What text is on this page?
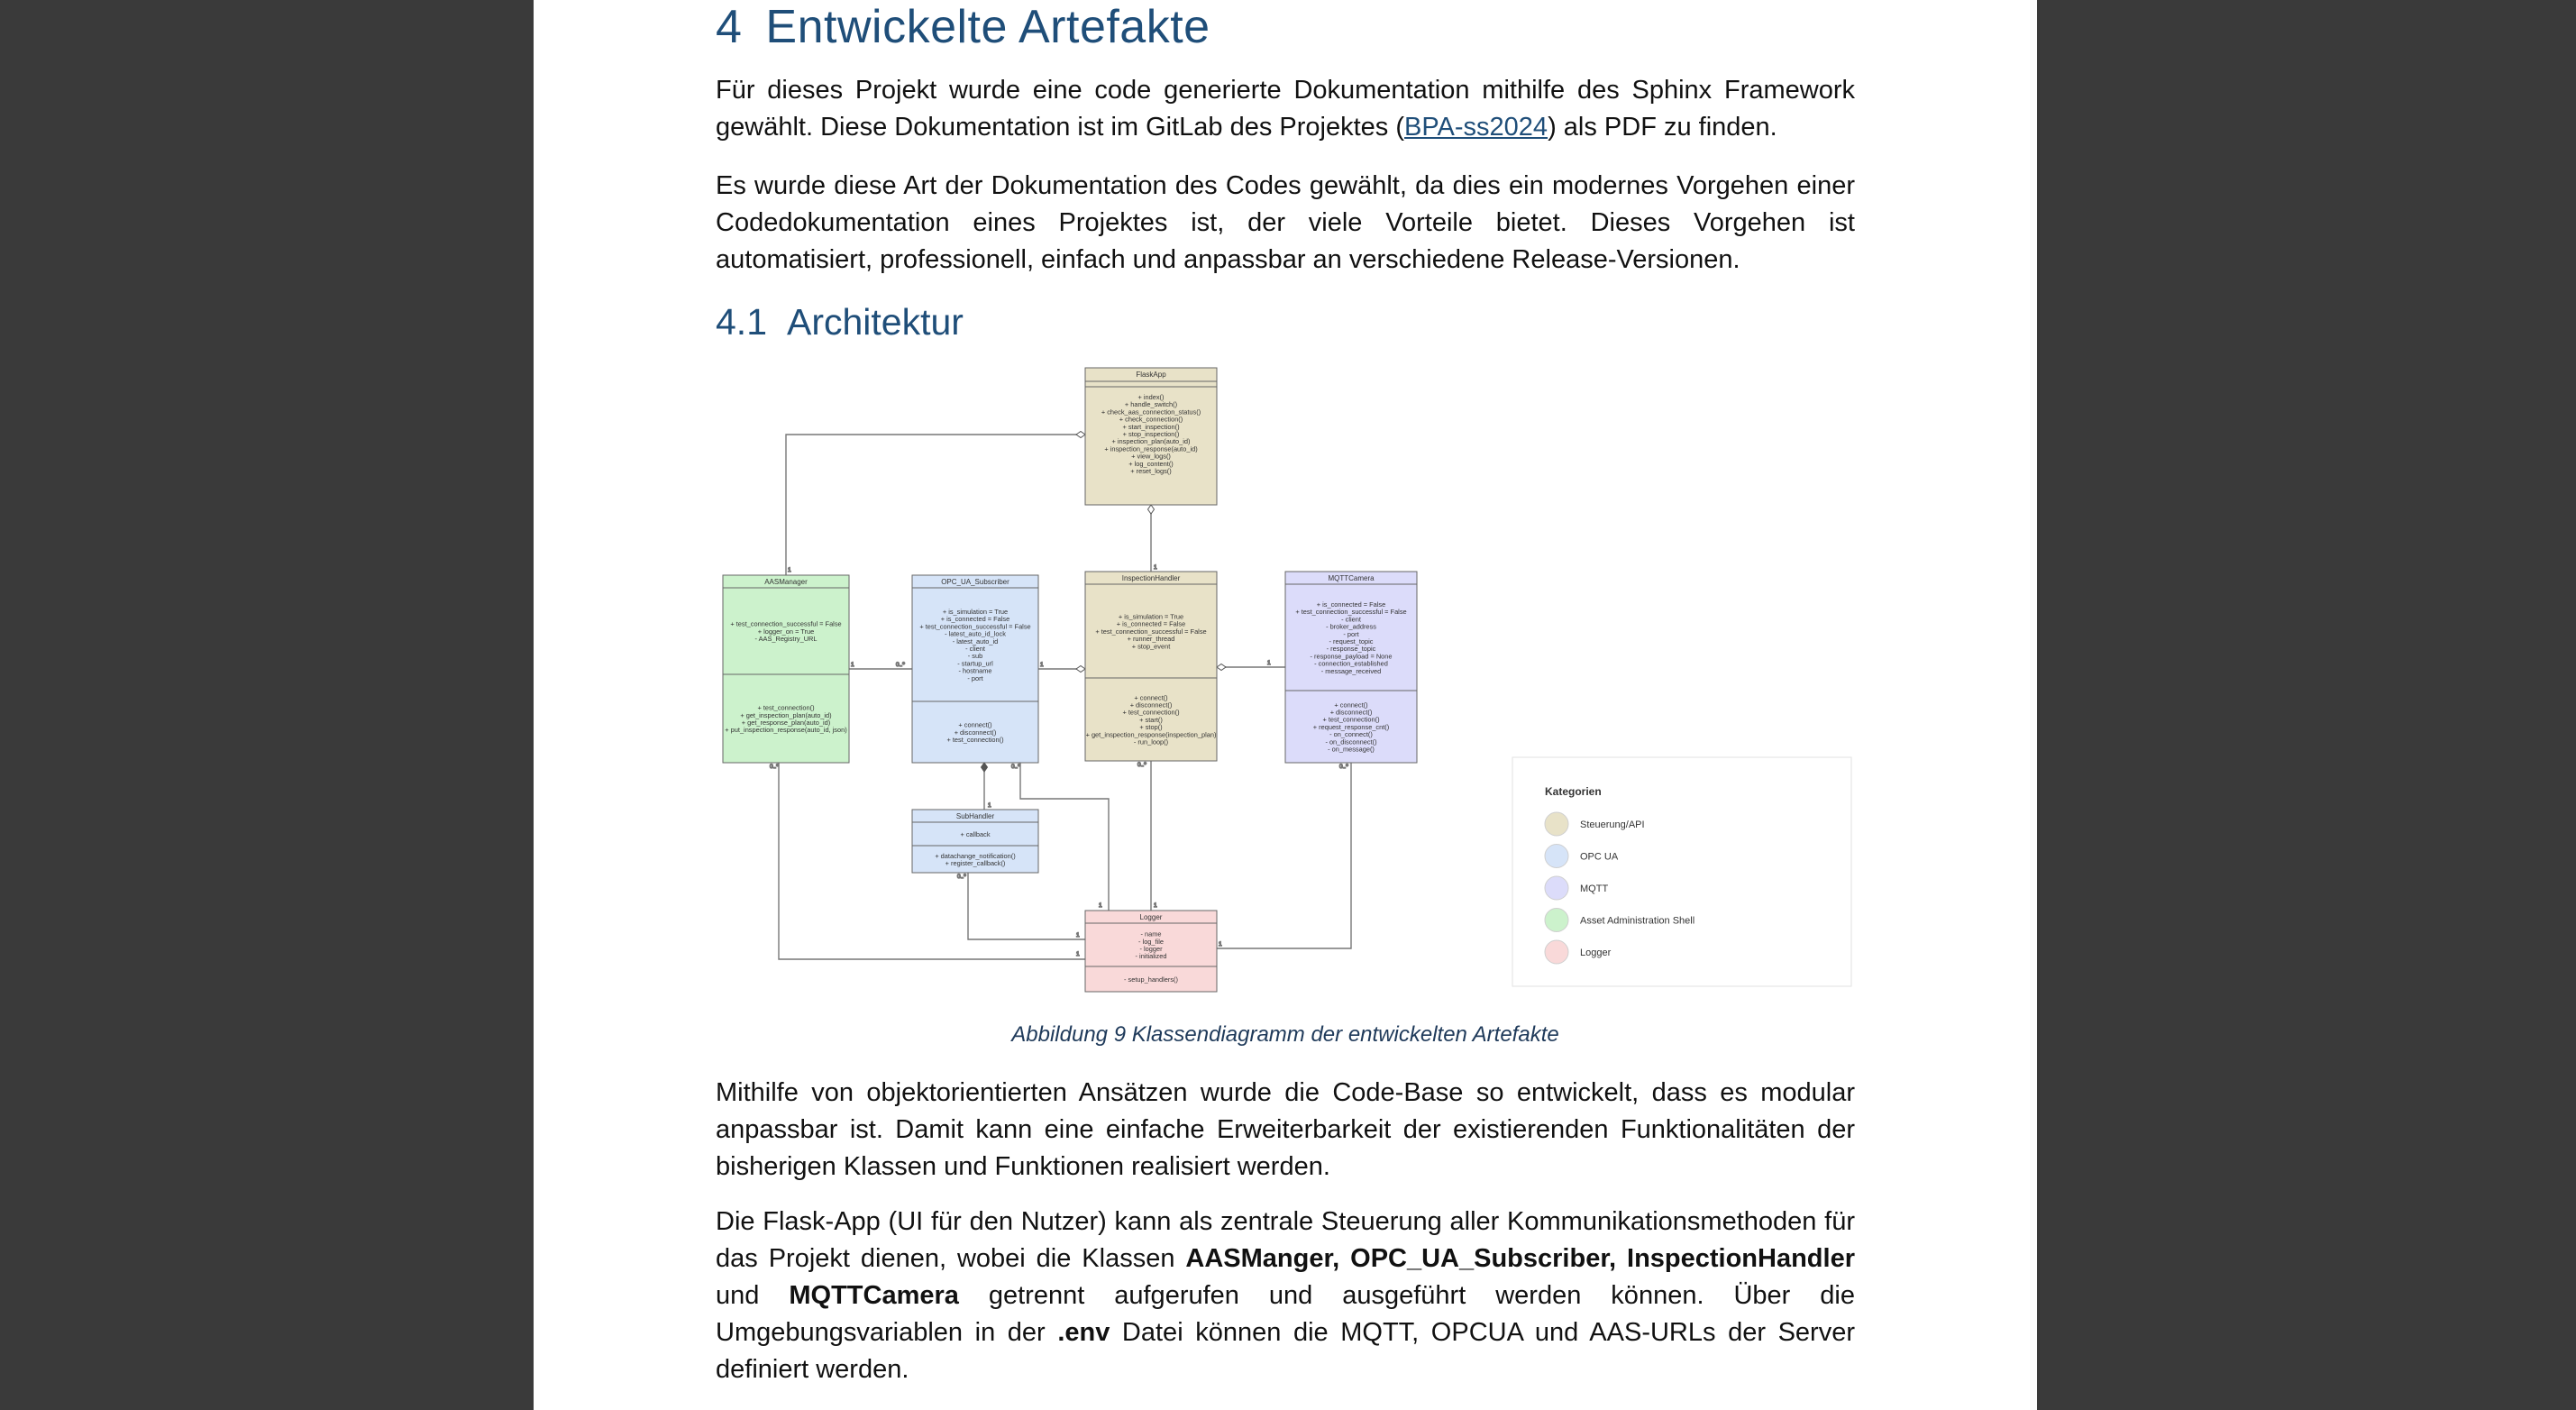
4 Entwickelte Artefakte

Für dieses Projekt wurde eine code generierte Dokumentation mithilfe des Sphinx Framework gewählt. Diese Dokumentation ist im GitLab des Projektes (BPA-ss2024) als PDF zu finden.

Es wurde diese Art der Dokumentation des Codes gewählt, da dies ein modernes Vorgehen einer Codedokumentation eines Projektes ist, der viele Vorteile bietet. Dieses Vorgehen ist automatisiert, professionell, einfach und anpassbar an verschiedene Release-Versionen.

4.1 Architektur
1	1
1	0..*	1	1
1
0..*
0..*
0..*	0..*	0..*
1
1
1	1
1
FlaskApp
+ index()
+ handle_switch()
+ check_aas_connection_status()
+ check_connection()
+ start_inspection()
+ stop_inspection()
+ inspection_plan(auto_id)
+ inspection_response(auto_id)
+ view_logs()
+ log_content()
+ reset_logs()
AASManager
+ test_connection_successful = False
+ logger_on = True
- AAS_Registry_URL
+ test_connection()
+ get_inspection_plan(auto_id)
+ get_response_plan(auto_id)
+ put_inspection_response(auto_id, json)
OPC_UA_Subscriber
+ is_simulation = True
+ is_connected = False
+ test_connection_successful = False
- latest_auto_id_lock
- latest_auto_id
- client
- sub
- startup_url
- hostname
- port
+ connect()
+ disconnect()
+ test_connection()
InspectionHandler
+ is_simulation = True
+ is_connected = False
+ test_connection_successful = False
+ runner_thread
+ stop_event
+ connect()
+ disconnect()
+ test_connection()
+ start()
+ stop()
+ get_inspection_response(inspection_plan)
- run_loop()
MQTTCamera
+ is_connected = False
+ test_connection_successful = False
- client
- broker_address
- port
- request_topic
- response_topic
- response_payload = None
- connection_established
- message_received
+ connect()
+ disconnect()
+ test_connection()
+ request_response_cnt()
- on_connect()
- on_disconnect()
- on_message()
SubHandler
+ callback
+ datachange_notification()
+ register_callback()
Logger
- name
- log_file
- logger
- initialized
- setup_handlers()
Kategorien
Steuerung/API
OPC UA
MQTT
Asset Administration Shell
Logger
Abbildung 9 Klassendiagramm der entwickelten Artefakte

Mithilfe von objektorientierten Ansätzen wurde die Code-Base so entwickelt, dass es modular anpassbar ist. Damit kann eine einfache Erweiterbarkeit der existierenden Funktionalitäten der bisherigen Klassen und Funktionen realisiert werden.

Die Flask-App (UI für den Nutzer) kann als zentrale Steuerung aller Kommunikationsmethoden für das Projekt dienen, wobei die Klassen AASManger, OPC_UA_Subscriber, InspectionHandler und MQTTCamera getrennt aufgerufen und ausgeführt werden können. Über die Umgebungsvariablen in der .env Datei können die MQTT, OPCUA und AAS-URLs der Server definiert werden.
